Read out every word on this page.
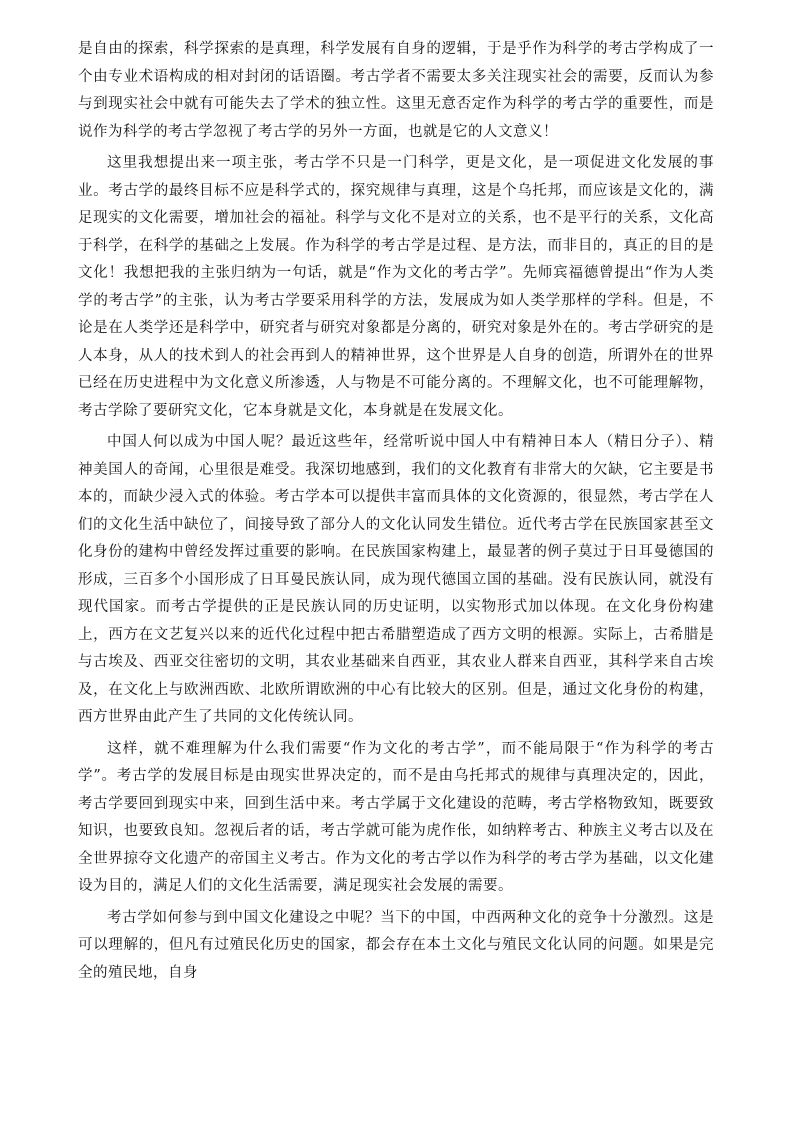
是自由的探索，科学探索的是真理，科学发展有自身的逻辑，于是乎作为科学的考古学构成了一个由专业术语构成的相对封闭的话语圈。考古学者不需要太多关注现实社会的需要，反而认为参与到现实社会中就有可能失去了学术的独立性。这里无意否定作为科学的考古学的重要性，而是说作为科学的考古学忽视了考古学的另外一方面，也就是它的人文意义！

这里我想提出来一项主张，考古学不只是一门科学，更是文化，是一项促进文化发展的事业。考古学的最终目标不应是科学式的，探究规律与真理，这是个乌托邦，而应该是文化的，满足现实的文化需要，增加社会的福祉。科学与文化不是对立的关系，也不是平行的关系，文化高于科学，在科学的基础之上发展。作为科学的考古学是过程、是方法，而非目的，真正的目的是文化！我想把我的主张归纳为一句话，就是“作为文化的考古学”。先师宾福德曾提出“作为人类学的考古学”的主张，认为考古学要采用科学的方法，发展成为如人类学那样的学科。但是，不论是在人类学还是科学中，研究者与研究对象都是分离的，研究对象是外在的。考古学研究的是人本身，从人的技术到人的社会再到人的精神世界，这个世界是人自身的创造，所谓外在的世界已经在历史进程中为文化意义所渗透，人与物是不可能分离的。不理解文化，也不可能理解物，考古学除了要研究文化，它本身就是文化，本身就是在发展文化。

中国人何以成为中国人呢？最近这些年，经常听说中国人中有精神日本人（精日分子）、精神美国人的奇闻，心里很是难受。我深切地感到，我们的文化教育有非常大的欠缺，它主要是书本的，而缺少浸入式的体验。考古学本可以提供丰富而具体的文化资源的，很显然，考古学在人们的文化生活中缺位了，间接导致了部分人的文化认同发生错位。近代考古学在民族国家甚至文化身份的建构中曾经发挥过重要的影响。在民族国家构建上，最显著的例子莫过于日耳曼德国的形成，三百多个小国形成了日耳曼民族认同，成为现代德国立国的基础。没有民族认同，就没有现代国家。而考古学提供的正是民族认同的历史证明，以实物形式加以体现。在文化身份构建上，西方在文艺复兴以来的近代化过程中把古希腊塑造成了西方文明的根源。实际上，古希腊是与古埃及、西亚交往密切的文明，其农业基础来自西亚，其农业人群来自西亚，其科学来自古埃及，在文化上与欧洲西欧、北欧所谓欧洲的中心有比较大的区别。但是，通过文化身份的构建，西方世界由此产生了共同的文化传统认同。

这样，就不难理解为什么我们需要“作为文化的考古学”，而不能局限于“作为科学的考古学”。考古学的发展目标是由现实世界决定的，而不是由乌托邦式的规律与真理决定的，因此，考古学要回到现实中来，回到生活中来。考古学属于文化建设的范畴，考古学格物致知，既要致知识，也要致良知。忽视后者的话，考古学就可能为虎作伥，如纳粹考古、种族主义考古以及在全世界掠夺文化遗产的帝国主义考古。作为文化的考古学以作为科学的考古学为基础，以文化建设为目的，满足人们的文化生活需要，满足现实社会发展的需要。

考古学如何参与到中国文化建设之中呢？当下的中国，中西两种文化的竞争十分激烈。这是可以理解的，但凡有过殖民化历史的国家，都会存在本土文化与殖民文化认同的问题。如果是完全的殖民地，自身
